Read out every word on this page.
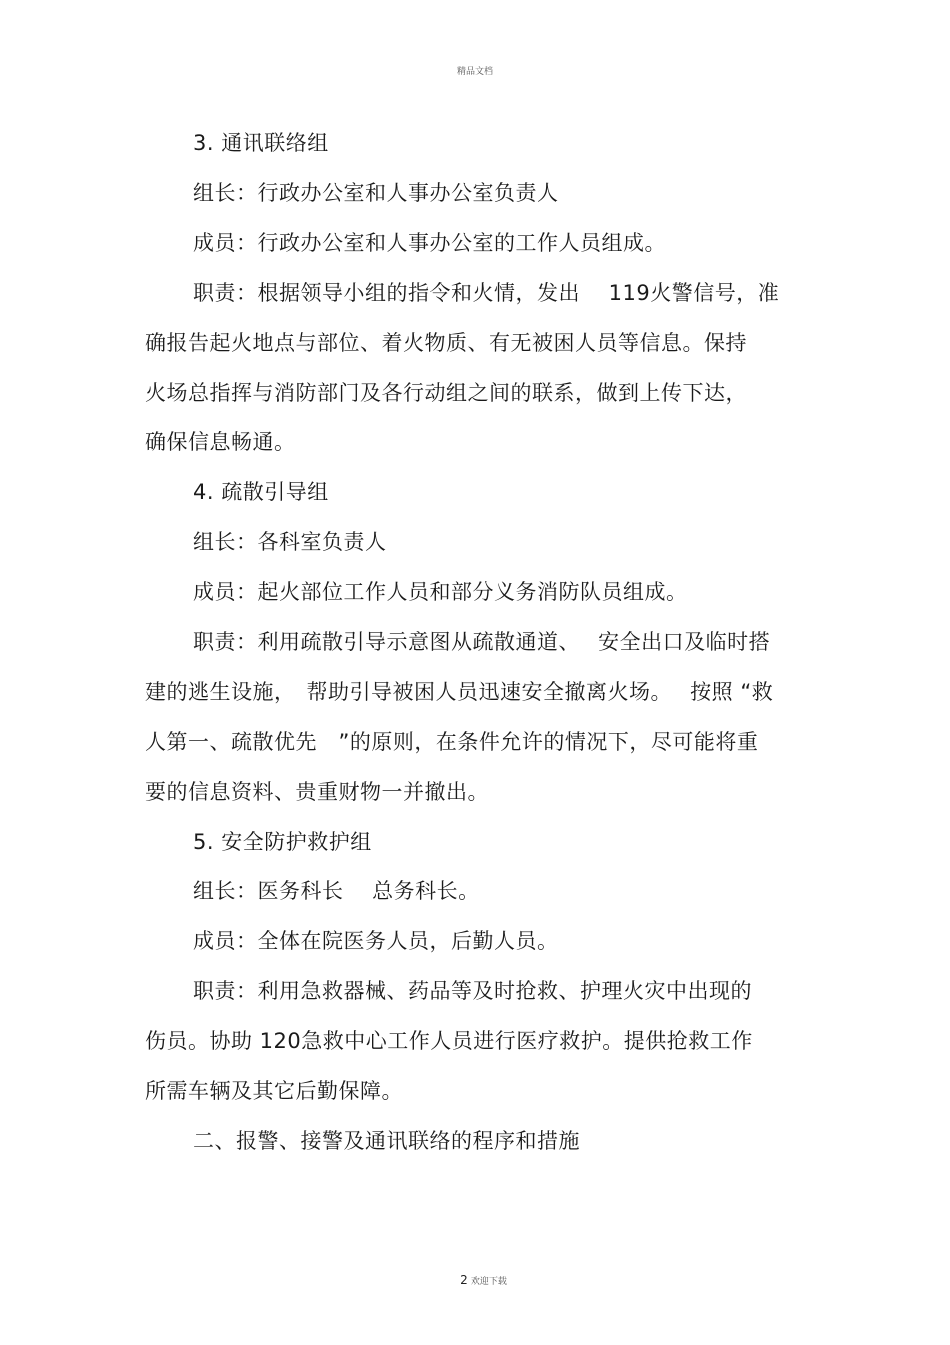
精品文档
3. 通讯联络组
组长：行政办公室和人事办公室负责人
成员：行政办公室和人事办公室的工作人员组成。
职责：根据领导小组的指令和火情，发出　 119火警信号，准
确报告起火地点与部位、着火物质、有无被困人员等信息。保持
火场总指挥与消防部门及各行动组之间的联系，做到上传下达，
确保信息畅通。
4. 疏散引导组
组长：各科室负责人
成员：起火部位工作人员和部分义务消防队员组成。
职责：利用疏散引导示意图从疏散通道、　 安全出口及临时搭
建的逃生设施，　帮助引导被困人员迅速安全撤离火场。　 按照 “救
人第一、疏散优先　”的原则，在条件允许的情况下，尽可能将重
要的信息资料、贵重财物一并撤出。
5. 安全防护救护组
组长：医务科长　 总务科长。
成员：全体在院医务人员，后勤人员。
职责：利用急救器械、药品等及时抢救、护理火灾中出现的
伤员。协助 120急救中心工作人员进行医疗救护。提供抢救工作
所需车辆及其它后勤保障。
二、报警、接警及通讯联络的程序和措施

2 欢迎下载
